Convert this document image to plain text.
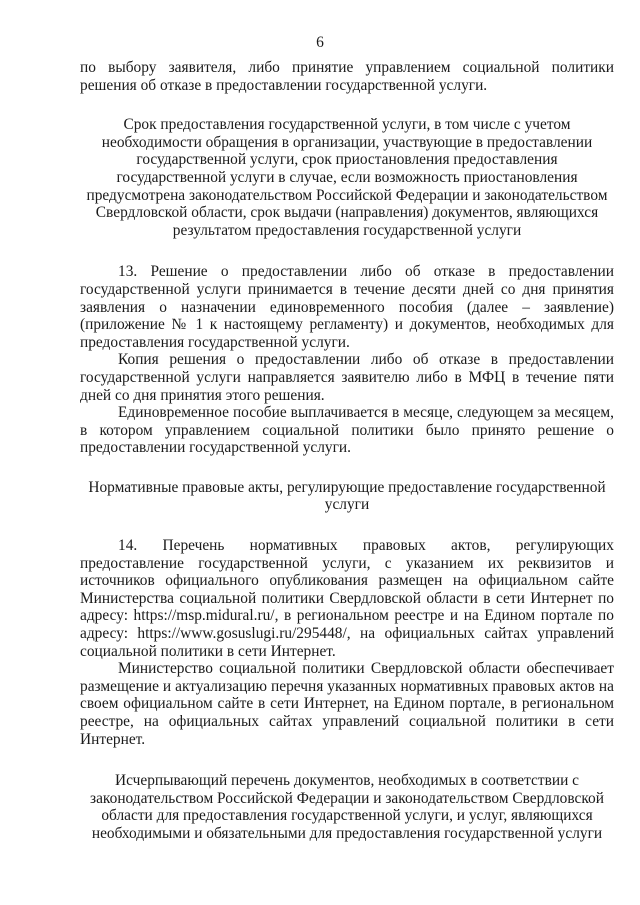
6

по выбору заявителя, либо принятие управлением социальной политики решения об отказе в предоставлении государственной услуги.

Срок предоставления государственной услуги, в том числе с учетом необходимости обращения в организации, участвующие в предоставлении государственной услуги, срок приостановления предоставления государственной услуги в случае, если возможность приостановления предусмотрена законодательством Российской Федерации и законодательством Свердловской области, срок выдачи (направления) документов, являющихся результатом предоставления государственной услуги

13. Решение о предоставлении либо об отказе в предоставлении государственной услуги принимается в течение десяти дней со дня принятия заявления о назначении единовременного пособия (далее – заявление) (приложение № 1 к настоящему регламенту) и документов, необходимых для предоставления государственной услуги.

Копия решения о предоставлении либо об отказе в предоставлении государственной услуги направляется заявителю либо в МФЦ в течение пяти дней со дня принятия этого решения.

Единовременное пособие выплачивается в месяце, следующем за месяцем, в котором управлением социальной политики было принято решение о предоставлении государственной услуги.

Нормативные правовые акты, регулирующие предоставление государственной услуги

14. Перечень нормативных правовых актов, регулирующих предоставление государственной услуги, с указанием их реквизитов и источников официального опубликования размещен на официальном сайте Министерства социальной политики Свердловской области в сети Интернет по адресу: https://msp.midural.ru/, в региональном реестре и на Едином портале по адресу: https://www.gosuslugi.ru/295448/, на официальных сайтах управлений социальной политики в сети Интернет.

Министерство социальной политики Свердловской области обеспечивает размещение и актуализацию перечня указанных нормативных правовых актов на своем официальном сайте в сети Интернет, на Едином портале, в региональном реестре, на официальных сайтах управлений социальной политики в сети Интернет.

Исчерпывающий перечень документов, необходимых в соответствии с законодательством Российской Федерации и законодательством Свердловской области для предоставления государственной услуги, и услуг, являющихся необходимыми и обязательными для предоставления государственной услуги
